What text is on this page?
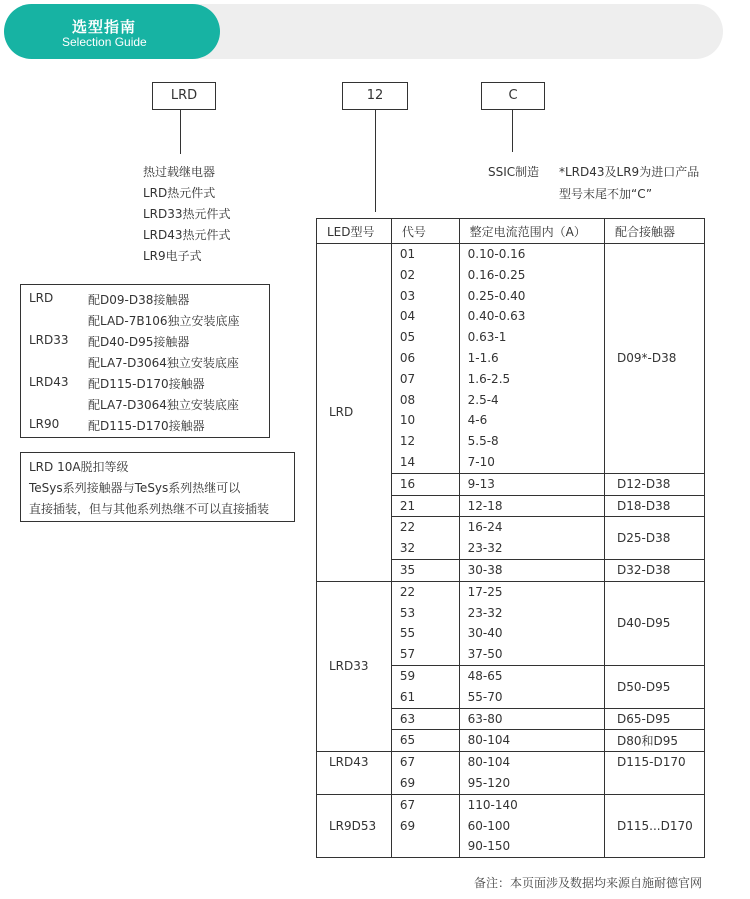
选型指南
Selection Guide
LRD	12	C
热过载继电器
LRD热元件式
LRD33热元件式
LRD43热元件式
LR9电子式
SSIC制造 *LRD43及LR9为进口产品
型号末尾不加“C”
LRD	配D09-D38接触器
配LAD-7B106独立安装底座
LRD33 配D40-D95接触器
配LA7-D3064独立安装底座
LRD43 配D115-D170接触器
配LA7-D3064独立安装底座
LR90 配D115-D170接触器
LRD 10A脱扣等级
TeSys系列接触器与TeSys系列热继可以
直接插装，但与其他系列热继不可以直接插装
LED型号	代号	整定电流范围内（A）	配合接触器
LRD	01	0.10-0.16	D09*-D38
	02	0.16-0.25	
	03	0.25-0.40	
	04	0.40-0.63	
	05	0.63-1	
	06	1-1.6	
	07	1.6-2.5	
	08	2.5-4	
	10	4-6	
	12	5.5-8	
	14	7-10	
	16	9-13	D12-D38
	21	12-18	D18-D38
	22	16-24	D25-D38
	32	23-32	
	35	30-38	D32-D38
LRD33	22	17-25	D40-D95
	53	23-32	
	55	30-40	
	57	37-50	
	59	48-65	D50-D95
	61	55-70	
	63	63-80	D65-D95
	65	80-104	D80和D95
LRD43	67	80-104	D115-D170
	69	95-120	
LR9D53	67	110-140	D115...D170
	69	60-100	
		90-150	
备注：本页面涉及数据均来源自施耐德官网
